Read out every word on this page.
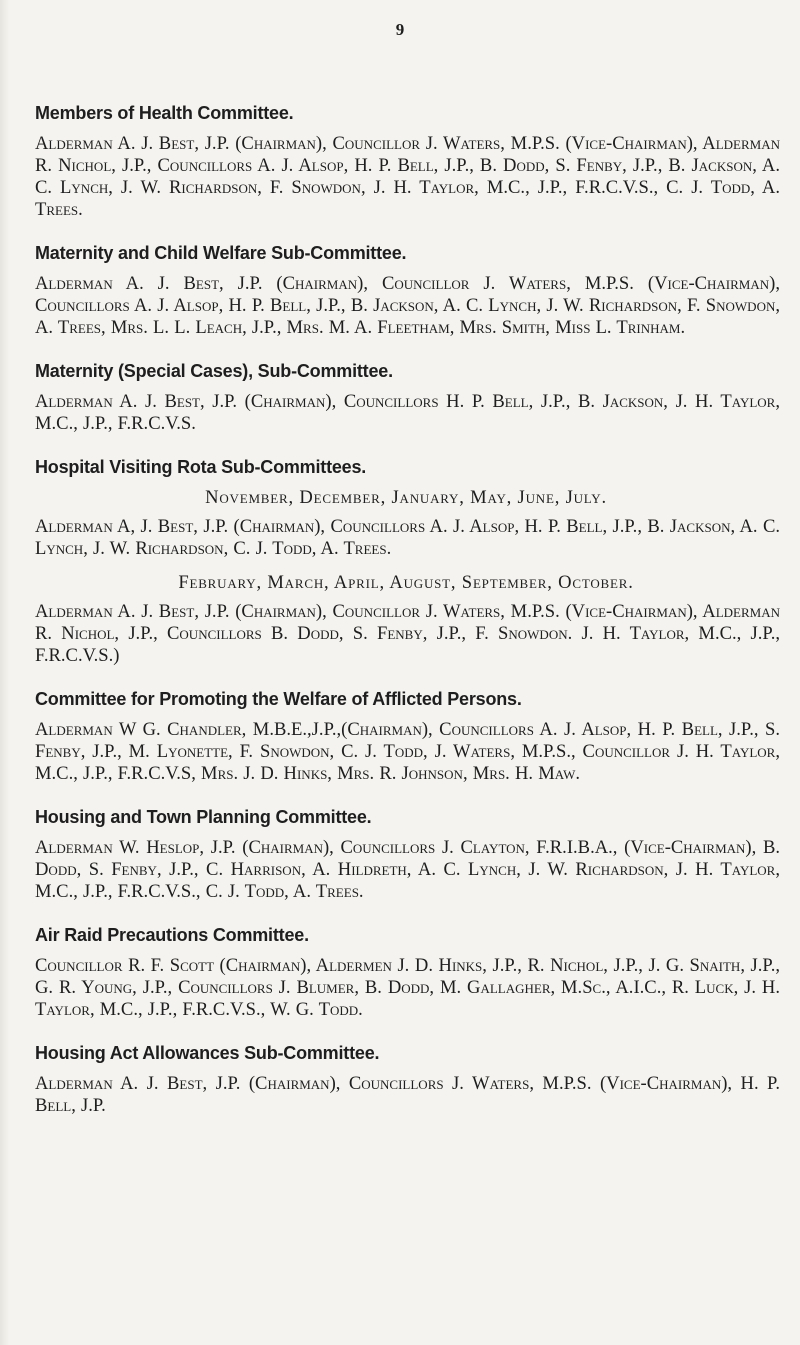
9
Members of Health Committee.

Alderman A. J. Best, J.P. (Chairman), Councillor J. Waters, M.P.S. (Vice-Chairman), Alderman R. Nichol, J.P., Councillors A. J. Alsop, H. P. Bell, J.P., B. Dodd, S. Fenby, J.P., B. Jackson, A. C. Lynch, J. W. Richardson, F. Snowdon, J. H. Taylor, M.C., J.P., F.R.C.V.S., C. J. Todd, A. Trees.

Maternity and Child Welfare Sub-Committee.

Alderman A. J. Best, J.P. (Chairman), Councillor J. Waters, M.P.S. (Vice-Chairman), Councillors A. J. Alsop, H. P. Bell, J.P., B. Jackson, A. C. Lynch, J. W. Richardson, F. Snowdon, A. Trees, Mrs. L. L. Leach, J.P., Mrs. M. A. Fleetham, Mrs. Smith, Miss L. Trinham.

Maternity (Special Cases), Sub-Committee.

Alderman A. J. Best, J.P. (Chairman), Councillors H. P. Bell, J.P., B. Jackson, J. H. Taylor, M.C., J.P., F.R.C.V.S.

Hospital Visiting Rota Sub-Committees.
November, December, January, May, June, July.

Alderman A, J. Best, J.P. (Chairman), Councillors A. J. Alsop, H. P. Bell, J.P., B. Jackson, A. C. Lynch, J. W. Richardson, C. J. Todd, A. Trees.

February, March, April, August, September, October.

Alderman A. J. Best, J.P. (Chairman), Councillor J. Waters, M.P.S. (Vice-Chairman), Alderman R. Nichol, J.P., Councillors B. Dodd, S. Fenby, J.P., F. Snowdon. J. H. Taylor, M.C., J.P., F.R.C.V.S.)

Committee for Promoting the Welfare of Afflicted Persons.

Alderman W G. Chandler, M.B.E.,J.P.,(Chairman), Councillors A. J. Alsop, H. P. Bell, J.P., S. Fenby, J.P., M. Lyonette, F. Snowdon, C. J. Todd, J. Waters, M.P.S., Councillor J. H. Taylor, M.C., J.P., F.R.C.V.S, Mrs. J. D. Hinks, Mrs. R. Johnson, Mrs. H. Maw.

Housing and Town Planning Committee.

Alderman W. Heslop, J.P. (Chairman), Councillors J. Clayton, F.R.I.B.A., (Vice-Chairman), B. Dodd, S. Fenby, J.P., C. Harrison, A. Hildreth, A. C. Lynch, J. W. Richardson, J. H. Taylor, M.C., J.P., F.R.C.V.S., C. J. Todd, A. Trees.

Air Raid Precautions Committee.

Councillor R. F. Scott (Chairman), Aldermen J. D. Hinks, J.P., R. Nichol, J.P., J. G. Snaith, J.P., G. R. Young, J.P., Councillors J. Blumer, B. Dodd, M. Gallagher, M.Sc., A.I.C., R. Luck, J. H. Taylor, M.C., J.P., F.R.C.V.S., W. G. Todd.

Housing Act Allowances Sub-Committee.

Alderman A. J. Best, J.P. (Chairman), Councillors J. Waters, M.P.S. (Vice-Chairman), H. P. Bell, J.P.
